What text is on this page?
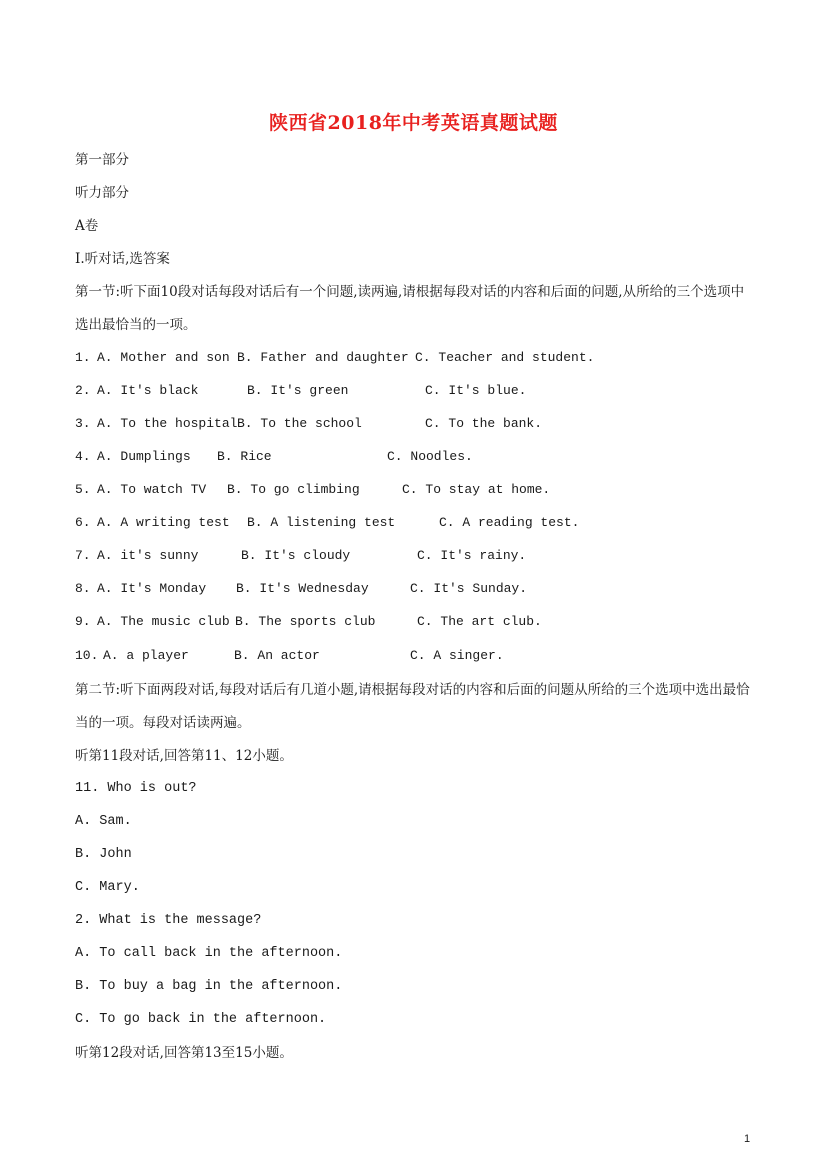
陕西省2018年中考英语真题试题
第一部分
听力部分
A卷
I.听对话,选答案
第一节:听下面10段对话每段对话后有一个问题,读两遍,请根据每段对话的内容和后面的问题,从所给的三个选项中选出最恰当的一项。
1. A. Mother and son B. Father and daughter C. Teacher and student.
2. A. It's black	B. It's green	C. It's blue.
3. A. To the hospital B. To the school	C. To the bank.
4. A. Dumplings B. Rice	C. Noodles.
5. A. To watch TV B. To go climbing	C. To stay at home.
6. A. A writing test B. A listening test	C. A reading test.
7. A. it's sunny	B. It's cloudy	C. It's rainy.
8. A. It's Monday B. It's Wednesday	C. It's Sunday.
9. A. The music club B. The sports club	C. The art club.
10. A. a player	B. An actor	C. A singer.
第二节:听下面两段对话,每段对话后有几道小题,请根据每段对话的内容和后面的问题从所给的三个选项中选出最恰当的一项。每段对话读两遍。
听第11段对话,回答第11、12小题。
11. Who is out?
A. Sam.
B. John
C. Mary.
2. What is the message?
A. To call back in the afternoon.
B. To buy a bag in the afternoon.
C. To go back in the afternoon.
听第12段对话,回答第13至15小题。
1
